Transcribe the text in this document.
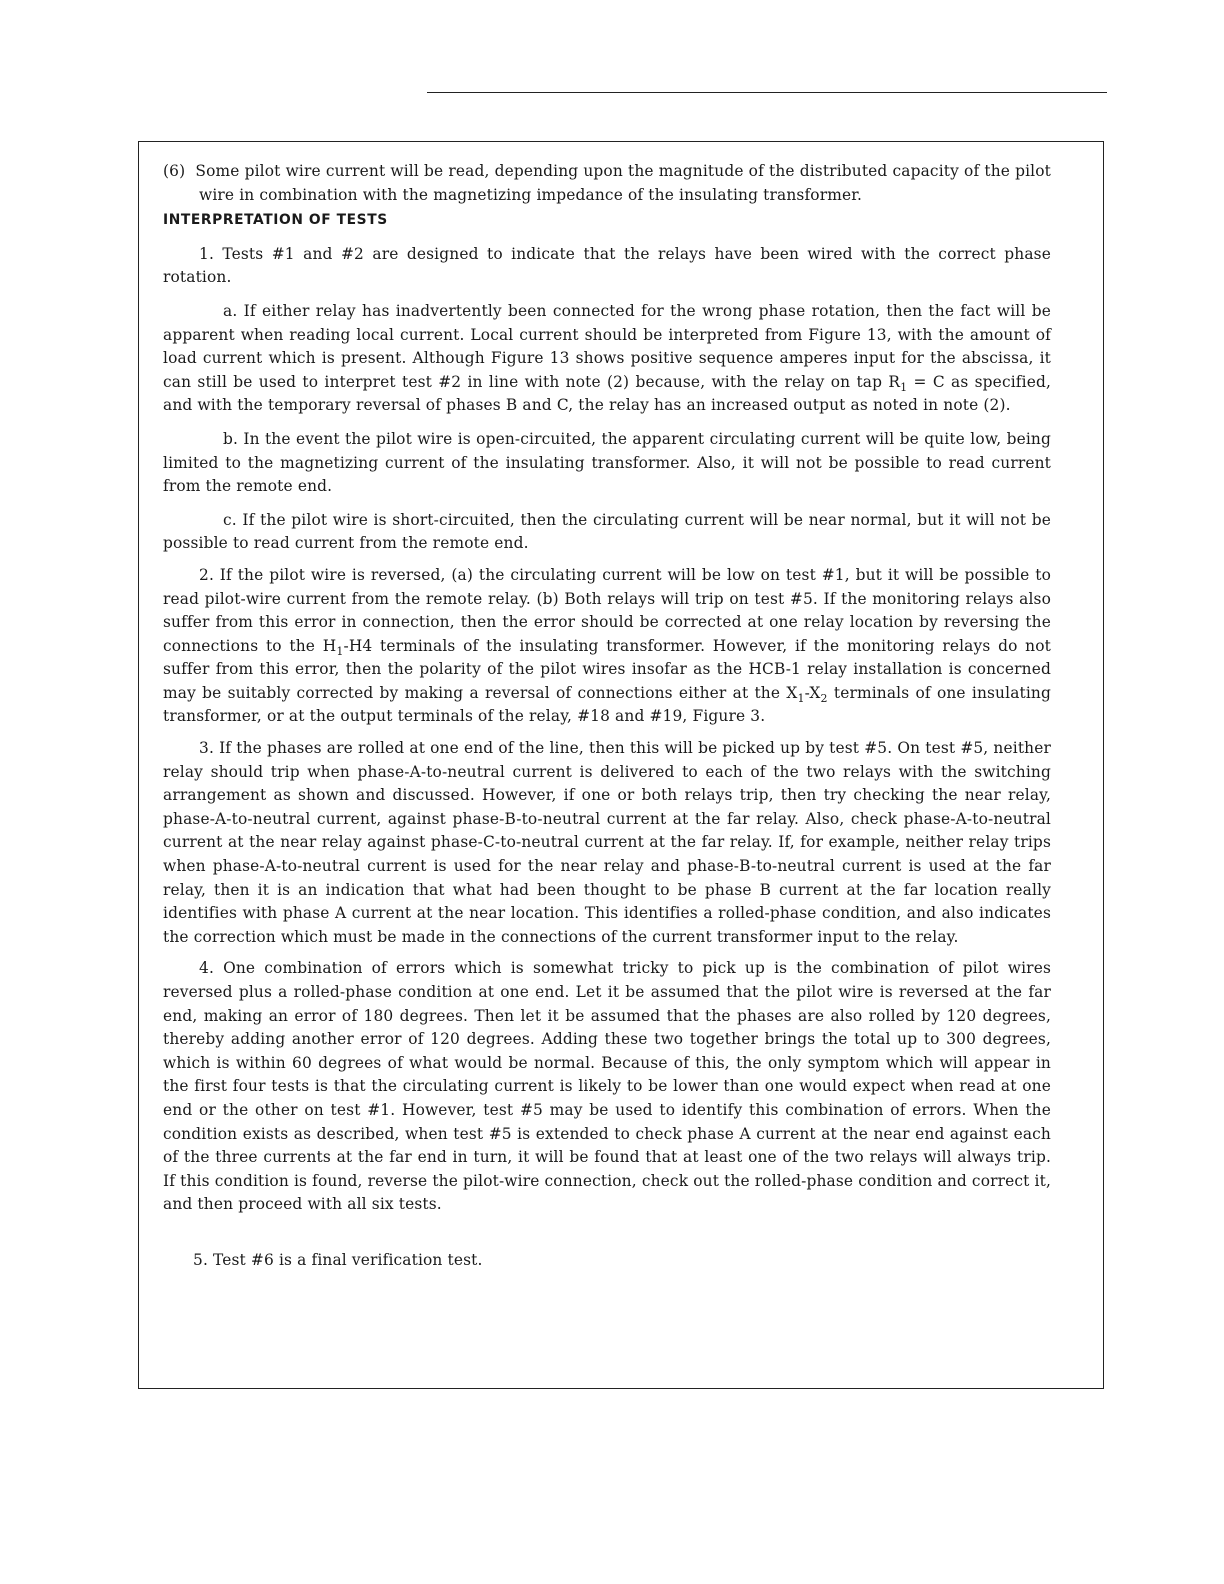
(6) Some pilot wire current will be read, depending upon the magnitude of the distributed capacity of the pilot wire in combination with the magnetizing impedance of the insulating transformer.

INTERPRETATION OF TESTS

1. Tests #1 and #2 are designed to indicate that the relays have been wired with the correct phase rotation.

a. If either relay has inadvertently been connected for the wrong phase rotation, then the fact will be apparent when reading local current. Local current should be interpreted from Figure 13, with the amount of load current which is present. Although Figure 13 shows positive sequence amperes input for the abscissa, it can still be used to interpret test #2 in line with note (2) because, with the relay on tap $R_1 = C$ as specified, and with the temporary reversal of phases B and C, the relay has an increased output as noted in note (2).

b. In the event the pilot wire is open-circuited, the apparent circulating current will be quite low, being limited to the magnetizing current of the insulating transformer. Also, it will not be possible to read current from the remote end.

c. If the pilot wire is short-circuited, then the circulating current will be near normal, but it will not be possible to read current from the remote end.

2. If the pilot wire is reversed, (a) the circulating current will be low on test #1, but it will be possible to read pilot-wire current from the remote relay. (b) Both relays will trip on test #5. If the monitoring relays also suffer from this error in connection, then the error should be corrected at one relay location by reversing the connections to the $H_1-H4$ terminals of the insulating transformer. However, if the monitoring relays do not suffer from this error, then the polarity of the pilot wires insofar as the HCB-1 relay installation is concerned may be suitably corrected by making a reversal of connections either at the $X_1-X_2$ terminals of one insulating transformer, or at the output terminals of the relay, #18 and #19, Figure 3.

3. If the phases are rolled at one end of the line, then this will be picked up by test #5. On test #5, neither relay should trip when phase-A-to-neutral current is delivered to each of the two relays with the switching arrangement as shown and discussed. However, if one or both relays trip, then try checking the near relay, phase-A-to-neutral current, against phase-B-to-neutral current at the far relay. Also, check phase-A-to-neutral current at the near relay against phase-C-to-neutral current at the far relay. If, for example, neither relay trips when phase-A-to-neutral current is used for the near relay and phase-B-to-neutral current is used at the far relay, then it is an indication that what had been thought to be phase B current at the far location really identifies with phase A current at the near location. This identifies a rolled-phase condition, and also indicates the correction which must be made in the connections of the current transformer input to the relay.

4. One combination of errors which is somewhat tricky to pick up is the combination of pilot wires reversed plus a rolled-phase condition at one end. Let it be assumed that the pilot wire is reversed at the far end, making an error of 180 degrees. Then let it be assumed that the phases are also rolled by 120 degrees, thereby adding another error of 120 degrees. Adding these two together brings the total up to 300 degrees, which is within 60 degrees of what would be normal. Because of this, the only symptom which will appear in the first four tests is that the circulating current is likely to be lower than one would expect when read at one end or the other on test #1. However, test #5 may be used to identify this combination of errors. When the condition exists as described, when test #5 is extended to check phase A current at the near end against each of the three currents at the far end in turn, it will be found that at least one of the two relays will always trip. If this condition is found, reverse the pilot-wire connection, check out the rolled-phase condition and correct it, and then proceed with all six tests.

5. Test #6 is a final verification test.
